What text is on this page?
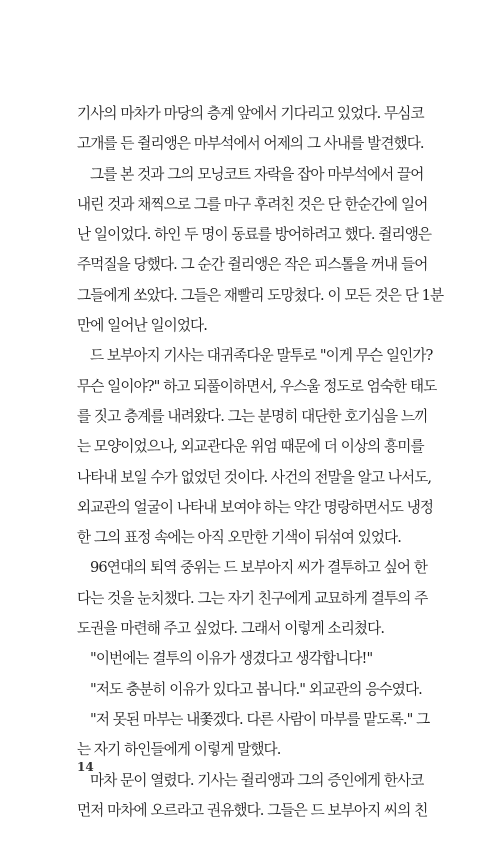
기사의 마차가 마당의 층계 앞에서 기다리고 있었다. 무심코
고개를 든 쥘리앵은 마부석에서 어제의 그 사내를 발견했다.
그를 본 것과 그의 모닝코트 자락을 잡아 마부석에서 끌어
내린 것과 채찍으로 그를 마구 후려친 것은 단 한순간에 일어
난 일이었다. 하인 두 명이 동료를 방어하려고 했다. 쥘리앵은
주먹질을 당했다. 그 순간 쥘리앵은 작은 피스톨을 꺼내 들어
그들에게 쏘았다. 그들은 재빨리 도망쳤다. 이 모든 것은 단 1분
만에 일어난 일이었다.
드 보부아지 기사는 대귀족다운 말투로 "이게 무슨 일인가?
무슨 일이야?" 하고 되풀이하면서, 우스울 정도로 엄숙한 태도
를 짓고 층계를 내려왔다. 그는 분명히 대단한 호기심을 느끼
는 모양이었으나, 외교관다운 위엄 때문에 더 이상의 흥미를
나타내 보일 수가 없었던 것이다. 사건의 전말을 알고 나서도,
외교관의 얼굴이 나타내 보여야 하는 약간 명랑하면서도 냉정
한 그의 표정 속에는 아직 오만한 기색이 뒤섞여 있었다.
96연대의 퇴역 중위는 드 보부아지 씨가 결투하고 싶어 한
다는 것을 눈치챘다. 그는 자기 친구에게 교묘하게 결투의 주
도권을 마련해 주고 싶었다. 그래서 이렇게 소리쳤다.
"이번에는 결투의 이유가 생겼다고 생각합니다!"
"저도 충분히 이유가 있다고 봅니다." 외교관의 응수였다.
"저 못된 마부는 내쫓겠다. 다른 사람이 마부를 맡도록." 그
는 자기 하인들에게 이렇게 말했다.
마차 문이 열렸다. 기사는 쥘리앵과 그의 증인에게 한사코
먼저 마차에 오르라고 권유했다. 그들은 드 보부아지 씨의 친
14
